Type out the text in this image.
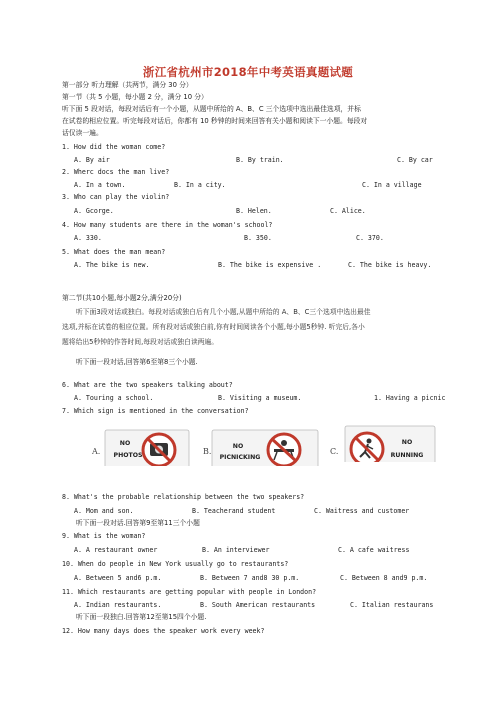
浙江省杭州市2018年中考英语真题试题
第一部分 听力理解（共两节，满分 30 分）
第一节（共 5 小题，每小题 2 分，满分 10 分）
听下面 5 段对话，每段对话后有一个小题，从题中所给的 A、B、C 三个选项中选出最佳选项，并标
在试卷的相应位置。听完每段对话后，你都有 10 秒钟的时间来回答有关小题和阅读下一小题。每段对
话仅读一遍。
1. How did the woman come?
A. By air	B. By train.	C. By car
2. Wherc docs the man live?
A. In a town.	B. In a city.	C. In a village
3. Who can play the violin?
A. Gcorge.	B. Helen.	C. Alice.
4. How many students are there in the woman's school?
A. 330.	B. 350.	C. 370.
5. What does the man mean?
A. The bike is new.	B. The bike is expensive .	C. The bike is heavy.
第二节(共10小题,每小题2分,满分20分)
听下面3段对话或独白。每段对话或独白后有几个小题,从题中所给的 A、B、C三个选项中选出最佳
选项,并标在试卷的相应位置。所有段对话或独白前,你有时间阅读各个小题,每小题5秒钟. 听完后,各小
题将给出5秒钟的作答时间,每段对话或独白读两遍。
听下面一段对话,回答第6至第8三个小题.
6. What are the two speakers talking about?
A. Touring a school.	B. Visiting a museum.	1. Having a picnic
7. Which sign is mentioned in the conversation?
A.
NO
PHOTOS	B.
NO
PICNICKING
C.
NO
RUNNING
8. What's the probable relationship between the two speakers?
A. Mom and son.	B. Teacherand student	C. Waitress and customer
听下面一段对话.回答第9至第11三个小题
9. What is the woman?
A. A restaurant owner	B. An interviewer	C. A cafe waitress
10. When do people in New York usually go to restaurants?
A. Between 5 and6 p.m.	B. Between 7 and8 30 p.m.	C. Between 8 and9 p.m.
11. Which restaurants are getting popular with people in London?
A. Indian restaurants.	B. South American restaurants	C. Italian restaurans
听下面一段独白.回答第12至第15四个小题.
12. How many days does the speaker work every week?
